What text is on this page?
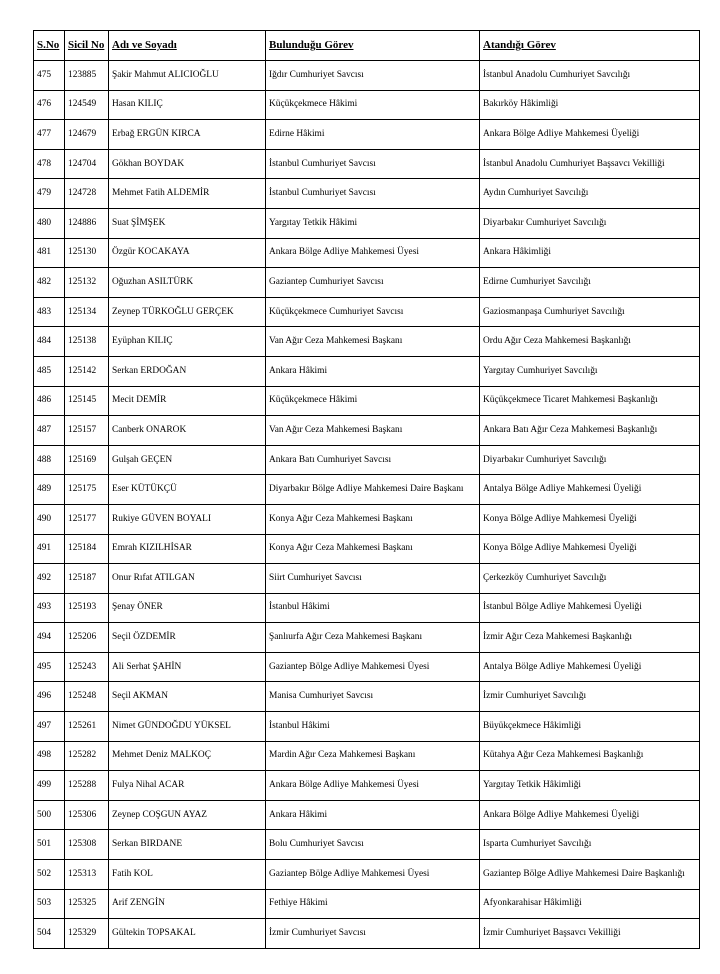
S.No	Sicil No	Adı ve Soyadı	Bulunduğu Görev	Atandığı Görev
475	123885	Şakir Mahmut ALICIOĞLU	Iğdır Cumhuriyet Savcısı	İstanbul Anadolu Cumhuriyet Savcılığı
476	124549	Hasan KILIÇ	Küçükçekmece Hâkimi	Bakırköy Hâkimliği
477	124679	Erbağ ERGÜN KIRCA	Edirne Hâkimi	Ankara Bölge Adliye Mahkemesi Üyeliği
478	124704	Gökhan BOYDAK	İstanbul Cumhuriyet Savcısı	İstanbul Anadolu Cumhuriyet Başsavcı Vekilliği
479	124728	Mehmet Fatih ALDEMİR	İstanbul Cumhuriyet Savcısı	Aydın Cumhuriyet Savcılığı
480	124886	Suat ŞİMŞEK	Yargıtay Tetkik Hâkimi	Diyarbakır Cumhuriyet Savcılığı
481	125130	Özgür KOCAKAYA	Ankara Bölge Adliye Mahkemesi Üyesi	Ankara Hâkimliği
482	125132	Oğuzhan ASILTÜRK	Gaziantep Cumhuriyet Savcısı	Edirne Cumhuriyet Savcılığı
483	125134	Zeynep TÜRKOĞLU GERÇEK	Küçükçekmece Cumhuriyet Savcısı	Gaziosmanpaşa Cumhuriyet Savcılığı
484	125138	Eyüphan KILIÇ	Van Ağır Ceza Mahkemesi Başkanı	Ordu Ağır Ceza Mahkemesi Başkanlığı
485	125142	Serkan ERDOĞAN	Ankara Hâkimi	Yargıtay Cumhuriyet Savcılığı
486	125145	Mecit DEMİR	Küçükçekmece Hâkimi	Küçükçekmece Ticaret Mahkemesi Başkanlığı
487	125157	Canberk ONAROK	Van Ağır Ceza Mahkemesi Başkanı	Ankara Batı Ağır Ceza Mahkemesi Başkanlığı
488	125169	Gulşah GEÇEN	Ankara Batı Cumhuriyet Savcısı	Diyarbakır Cumhuriyet Savcılığı
489	125175	Eser KÜTÜKÇÜ	Diyarbakır Bölge Adliye Mahkemesi Daire Başkanı	Antalya Bölge Adliye Mahkemesi Üyeliği
490	125177	Rukiye GÜVEN BOYALI	Konya Ağır Ceza Mahkemesi Başkanı	Konya Bölge Adliye Mahkemesi Üyeliği
491	125184	Emrah KIZILHİSAR	Konya Ağır Ceza Mahkemesi Başkanı	Konya Bölge Adliye Mahkemesi Üyeliği
492	125187	Onur Rıfat ATILGAN	Siirt Cumhuriyet Savcısı	Çerkezköy Cumhuriyet Savcılığı
493	125193	Şenay ÖNER	İstanbul Hâkimi	İstanbul Bölge Adliye Mahkemesi Üyeliği
494	125206	Seçil ÖZDEMİR	Şanlıurfa Ağır Ceza Mahkemesi Başkanı	İzmir Ağır Ceza Mahkemesi Başkanlığı
495	125243	Ali Serhat ŞAHİN	Gaziantep Bölge Adliye Mahkemesi Üyesi	Antalya Bölge Adliye Mahkemesi Üyeliği
496	125248	Seçil AKMAN	Manisa Cumhuriyet Savcısı	İzmir Cumhuriyet Savcılığı
497	125261	Nimet GÜNDOĞDU YÜKSEL	İstanbul Hâkimi	Büyükçekmece Hâkimliği
498	125282	Mehmet Deniz MALKOÇ	Mardin Ağır Ceza Mahkemesi Başkanı	Kütahya Ağır Ceza Mahkemesi Başkanlığı
499	125288	Fulya Nihal ACAR	Ankara Bölge Adliye Mahkemesi Üyesi	Yargıtay Tetkik Hâkimliği
500	125306	Zeynep COŞGUN AYAZ	Ankara Hâkimi	Ankara Bölge Adliye Mahkemesi Üyeliği
501	125308	Serkan BIRDANE	Bolu Cumhuriyet Savcısı	Isparta Cumhuriyet Savcılığı
502	125313	Fatih KOL	Gaziantep Bölge Adliye Mahkemesi Üyesi	Gaziantep Bölge Adliye Mahkemesi Daire Başkanlığı
503	125325	Arif ZENGİN	Fethiye Hâkimi	Afyonkarahisar Hâkimliği
504	125329	Gültekin TOPSAKAL	İzmir Cumhuriyet Savcısı	İzmir Cumhuriyet Başsavcı Vekilliği
